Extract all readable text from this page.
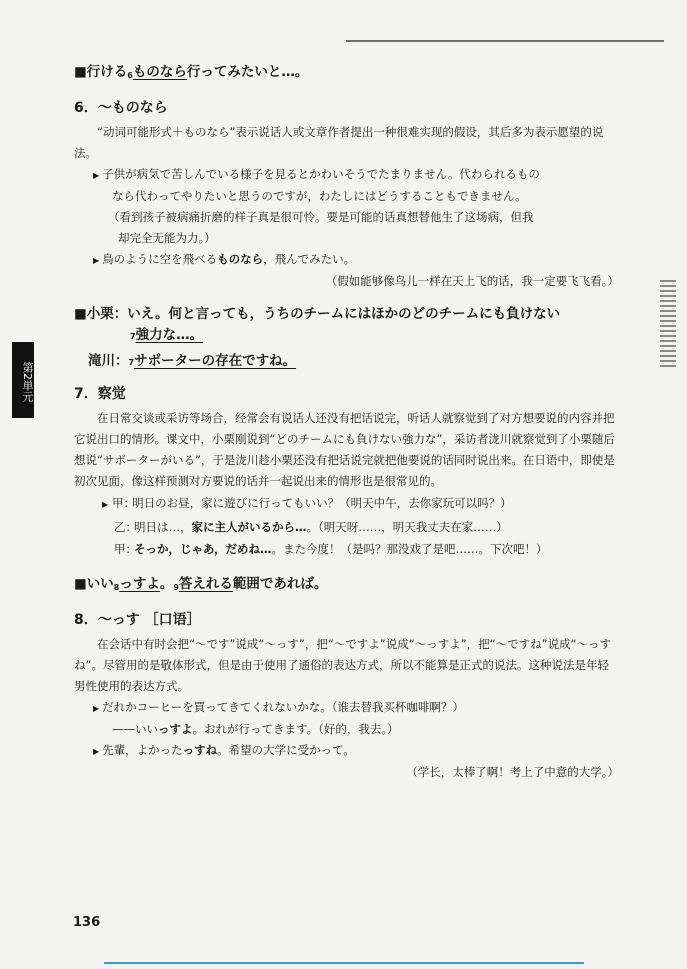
第2単元

■行ける6ものなら行ってみたいと…。

6．～ものなら

“动词可能形式＋ものなら”表示说话人或文章作者提出一种很难实现的假设，其后多为表示愿望的说法。

▶ 子供が病気で苦しんでいる様子を見るとかわいそうでたまりません。代わられるもの

なら代わってやりたいと思うのですが，わたしにはどうすることもできません。

（看到孩子被病痛折磨的样子真是很可怜。要是可能的话真想替他生了这场病，但我

却完全无能为力。）

▶ 鳥のように空を飛べるものなら，飛んでみたい。

（假如能够像鸟儿一样在天上飞的话，我一定要飞飞看。）

■小栗：いえ。何と言っても，うちのチームにはほかのどのチームにも負けない

7強力な…。

滝川：7サポーターの存在ですね。

7．察觉

在日常交谈或采访等场合，经常会有说话人还没有把话说完，听话人就察觉到了对方想要说的内容并把它说出口的情形。课文中，小栗刚说到“どのチームにも負けない強力な”，采访者泷川就察觉到了小栗随后想说“サポーターがいる”，于是泷川趁小栗还没有把话说完就把他要说的话同时说出来。在日语中，即使是初次见面，像这样预测对方要说的话并一起说出来的情形也是很常见的。

▶ 甲：明日のお昼，家に遊びに行ってもいい？（明天中午，去你家玩可以吗？）

乙：明日は…，家に主人がいるから…。（明天呀……，明天我丈夫在家……）

甲：そっか，じゃあ，だめね…。また今度！（是吗？那没戏了是吧……。下次吧！）

■いい8っすよ。9答えれる範囲であれば。

8．～っす ［口语］

在会话中有时会把“～です”说成“～っす”，把“～ですよ”说成“～っすよ”，把“～ですね”说成“～っすね”。尽管用的是敬体形式，但是由于使用了通俗的表达方式，所以不能算是正式的说法。这种说法是年轻男性使用的表达方式。

▶ だれかコーヒーを買ってきてくれないかな。（谁去替我买杯咖啡啊？）

——いいっすよ。おれが行ってきます。（好的，我去。）

▶ 先輩，よかったっすね。希望の大学に受かって。

（学长，太棒了啊！考上了中意的大学。）

136
